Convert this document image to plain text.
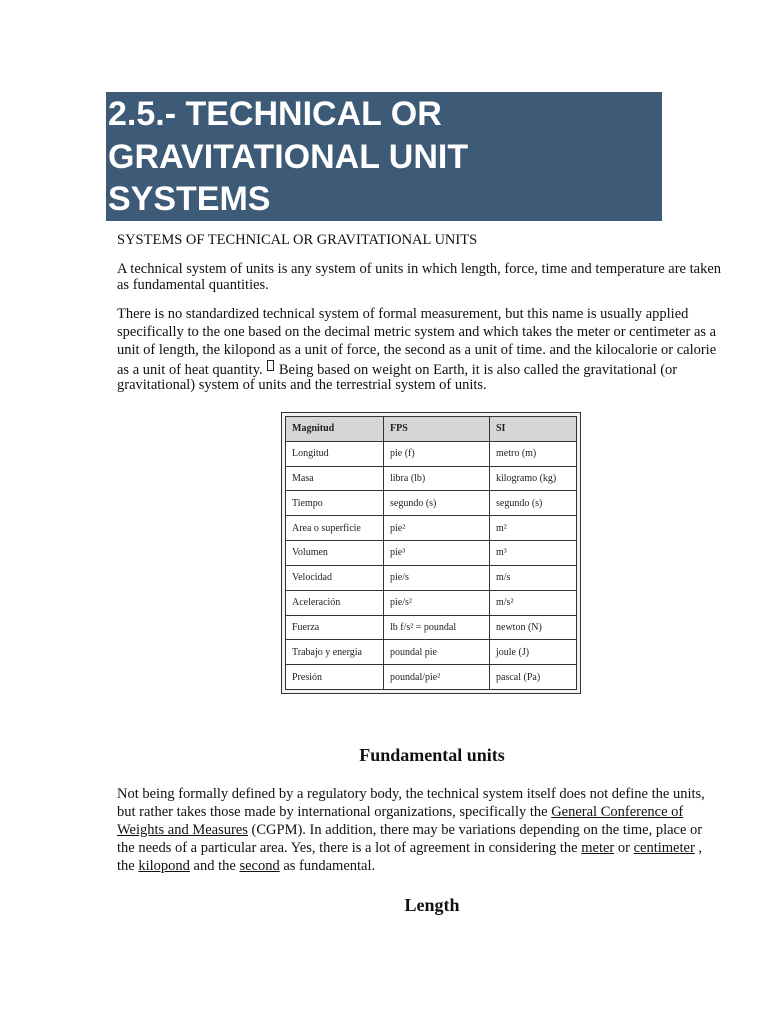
2.5.- TECHNICAL OR
GRAVITATIONAL UNIT
SYSTEMS
SYSTEMS OF TECHNICAL OR GRAVITATIONAL UNITS
A technical system of units is any system of units in which length, force, time and temperature are taken
as fundamental quantities.
There is no standardized technical system of formal measurement, but this name is usually applied
specifically to the one based on the decimal metric system and which takes the meter or centimeter as a
unit of length, the kilopond as a unit of force, the second as a unit of time. and the kilocalorie or calorie
as a unit of heat quantity. Being based on weight on Earth, it is also called the gravitational (or
gravitational) system of units and the terrestrial system of units.
Magnitud	FPS	SI
Longitud	pie (f)	metro (m)
Masa	libra (lb)	kilogramo (kg)
Tiempo	segundo (s)	segundo (s)
Area o superficie	pie²	m²
Volumen	pie³	m³
Velocidad	pie/s	m/s
Aceleración	pie/s²	m/s²
Fuerza	lb f/s² = poundal	newton (N)
Trabajo y energía	poundal pie	joule (J)
Presión	poundal/pie²	pascal (Pa)
Fundamental units
Not being formally defined by a regulatory body, the technical system itself does not define the units,
but rather takes those made by international organizations, specifically the General Conference of
Weights and Measures (CGPM). In addition, there may be variations depending on the time, place or
the needs of a particular area. Yes, there is a lot of agreement in considering the meter or centimeter ,
the kilopond and the second as fundamental.
Length
